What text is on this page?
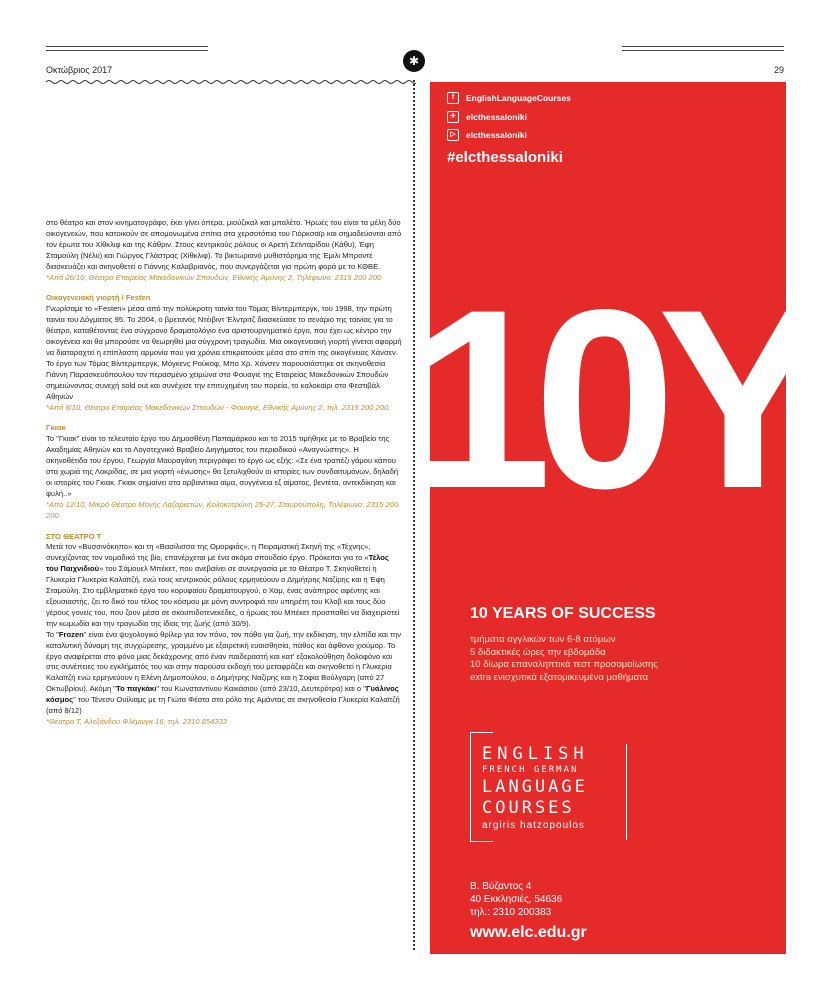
✱
Οκτώβριος 2017	29

στο θέατρο και στον κινηματογράφο, έκει γίνει όπερα, μιούζικαλ και μπαλέτο. Ήρωές του είναι τα μέλη δύο οικογενειών, που κατοικούν σε απομονωμένα σπίτια στα χερσοτόπια του Γιόρκσαϊρ και σημαδεύονται από τον έρωτα του Χίθκλιφ και της Κάθριν. Στους κεντρικούς ρόλους οι Αρετή Σεϊνταρίδου (Κάθυ), Έφη Σταμούλη (Νέλυ) και Γιώργος Γλάστρας (Χίθκλιφ). Το βικτωριανό μυθιστόρημα της Έμιλι Μπροντέ διασκευάζει και σκηνοθετεί ο Γιάννης Καλαβριανός, που συνεργάζεται για πρώτη φορά με το ΚΘΒΕ.

*Από 26/10, Θέατρο Εταιρείας Μακεδονικών Σπουδών, Εθνικής Αμύνης 2, Τηλέφωνο: 2315 200 200

Οικογενειακή γιορτή / Festen

Γνωρίσαμε το «Festen» μέσα από την πολύκροτη ταινία του Τόμας Βίντερμπεργκ, του 1998, την πρώτη ταινία του Δόγματος 95. Το 2004, ο βρετανός Ντέιβιντ Έλντριτζ διασκεύασε το σενάριο της ταινίας για το θέατρο, καταθέτοντας ένα σύγχρονο δραματολόγιο ένα αριστουργηματικό έργο, που έχει ως κέντρο την οικογένεια και θα μπορούσε να θεωρηθεί μια σύγχρονη τραγωδία. Μια οικογενειακή γιορτή γίνεται αφορμή να διαταραχτεί η επίπλαστη αρμονία που για χρόνια επικρατούσε μέσα στο σπίτι της οικογένειας Χάνσεν. Το έργο των Τόμας Βίντερμπεργκ, Μόγκενς Ρούκοφ, Μπο Χρ. Χάνσεν παρουσιάστηκε σε σκηνοθεσία Γιάννη Παρασκευόπουλου τον περασμένο χειμώνα στο Φουαγιέ της Εταιρείας Μακεδονικών Σπουδών σημειώνοντας συνεχή sold out και συνέχισε την επιτυχημένη του πορεία, το καλοκαίρι στο Φεστιβάλ Αθηνών

*Από 8/10, Θέατρο Εταιρείας Μακεδονικών Σπουδών - Φουαγιέ, Εθνικής Αμύνης 2, τηλ. 2315 200 200.

Γκιακ

Το "Γκιακ" είναι το τελευταίο έργο του Δημοσθένη Παπαμάρκου και το 2015 τιμήθηκε με το Βραβείο της Ακαδημίας Αθηνών και το Λογοτεχνικό Βραβείο Διηγήματος του περιοδικού «Αναγνώστης». Η σκηνοθέτιδα του έργου, Γεωργία Μαυραγάνη περιγράφει το έργο ως εξής: «Σε ένα τραπέζι γάμου κάπου στα χωριά της Λοκρίδας, σε μια γιορτή «ένωσης» θα ξετυλιχθούν οι ιστορίες των συνδαιτυμόνων, δηλαδή οι ιστορίες του Γκιακ. Γκιακ σημαίνει στα αρβανίτικα αίμα, συγγένεια εξ αίματος, βεντέτα, αντεκδίκηση και φυλή..»

*Από 12/10, Μικρό Θέατρο Μονής Λαζαριστών, Κολοκοτρώνη 25-27, Σταυρούπολη, Τηλέφωνο: 2315 200 200

ΣΤΟ ΘΕΑΤΡΟ Τ

Μετά τον «Βυσσινόκηπο» και τη «Βασίλισσα της Ομορφιάς», η Πειραματική Σκηνή της «Τέχνης», συνεχίζοντας τον νομαδικό της βίο, επανέρχεται με ένα ακόμα σπουδαίο έργο. Πρόκειται για το «Τέλος του Παιχνιδιού» του Σάμουελ Μπέκετ, που ανεβαίνει σε συνεργασία με το Θέατρο Τ. Σκηνοθετεί η Γλυκερία Γλυκερία Καλαϊτζή, ενώ τους κεντρικούς ρόλους ερμηνεύουν ο Δημήτρης Ναζίρης και η Έφη Σταμούλη. Στο εμβληματικό έργο του κορυφαίου δραματουργού, ο Χαμ, ένας ανάπηρος αφέντης και εξουσιαστής, ζει το δικό του τέλος του κόσμου με μόνη συντροφιά τον υπηρέτη του Κλοβ και τους δύο γέρους γονείς του, που ζουν μέσα σε σκουπιδοτενεκέδες, ο ήρωας του Μπέκετ προσπαθεί να διαχειριστεί την κωμωδία και την τραγωδία της ίδιας της ζωής (από 30/9).

Το "Frozen" είναι ένα ψυχολογικό θρίλερ για τον πόνο, τον πόθο για ζωή, την εκδίκηση, την ελπίδα και την καταλυτική δύναμη της συγχώρεσης, γραμμένο με εξαιρετική ευαισθησία, πάθος και άφθονο χιούμορ. Το έργο αναφέρεται στο φόνο μιας δεκάχρονης από έναν παιδεραστή και κατ' εξακολούθηση δολοφόνο και στις συνέπειες του εγκλήματός του και στην παρούσα εκδοχή του μεταφράζει και σκηνοθετεί η Γλυκερία Καλαϊτζή ενώ ερμηνεύουν η Ελένη Δημοπούλου, ο Δημήτρης Ναζίρης και η Σοφία Βούλγαρη (από 27 Οκτωβρίου). Ακόμη "Το παγκάκι" του Κωνσταντίνου Καικάσιου (από 23/10, Δευτερότρα) και ο "Γυάλινος κόσμος" του Τένεσυ Ουίλιαμς με τη Γιώτα Φέστα στο ρόλο της Αμάντας σε σκηνοθεσία Γλυκερία Καλαϊτζή (από 8/12)

*Θέατρο Τ, Αλεξάνδου Φλέμινγκ 16, τηλ. 2310 854333

f	EnglishLanguageCourses
✈	elcthessaloniki
▷	elcthessaloniki
#elcthessaloniki
10Y
10 YEARS OF SUCCESS
τμήματα αγγλικών των 6-8 ατόμων
5 διδακτικές ώρες την εβδομάδα
10 δίωρα επαναληπτικά τεστ προσομοίωσης
extra ενισχυτικά εξατομικευμένα μαθήματα
ENGLISH
FRENCH GERMAN
LANGUAGE
COURSES
argiris hatzopoulos
Β. Βύζαντος 4
40 Εκκλησιές, 54636
τηλ.: 2310 200383
www.elc.edu.gr
